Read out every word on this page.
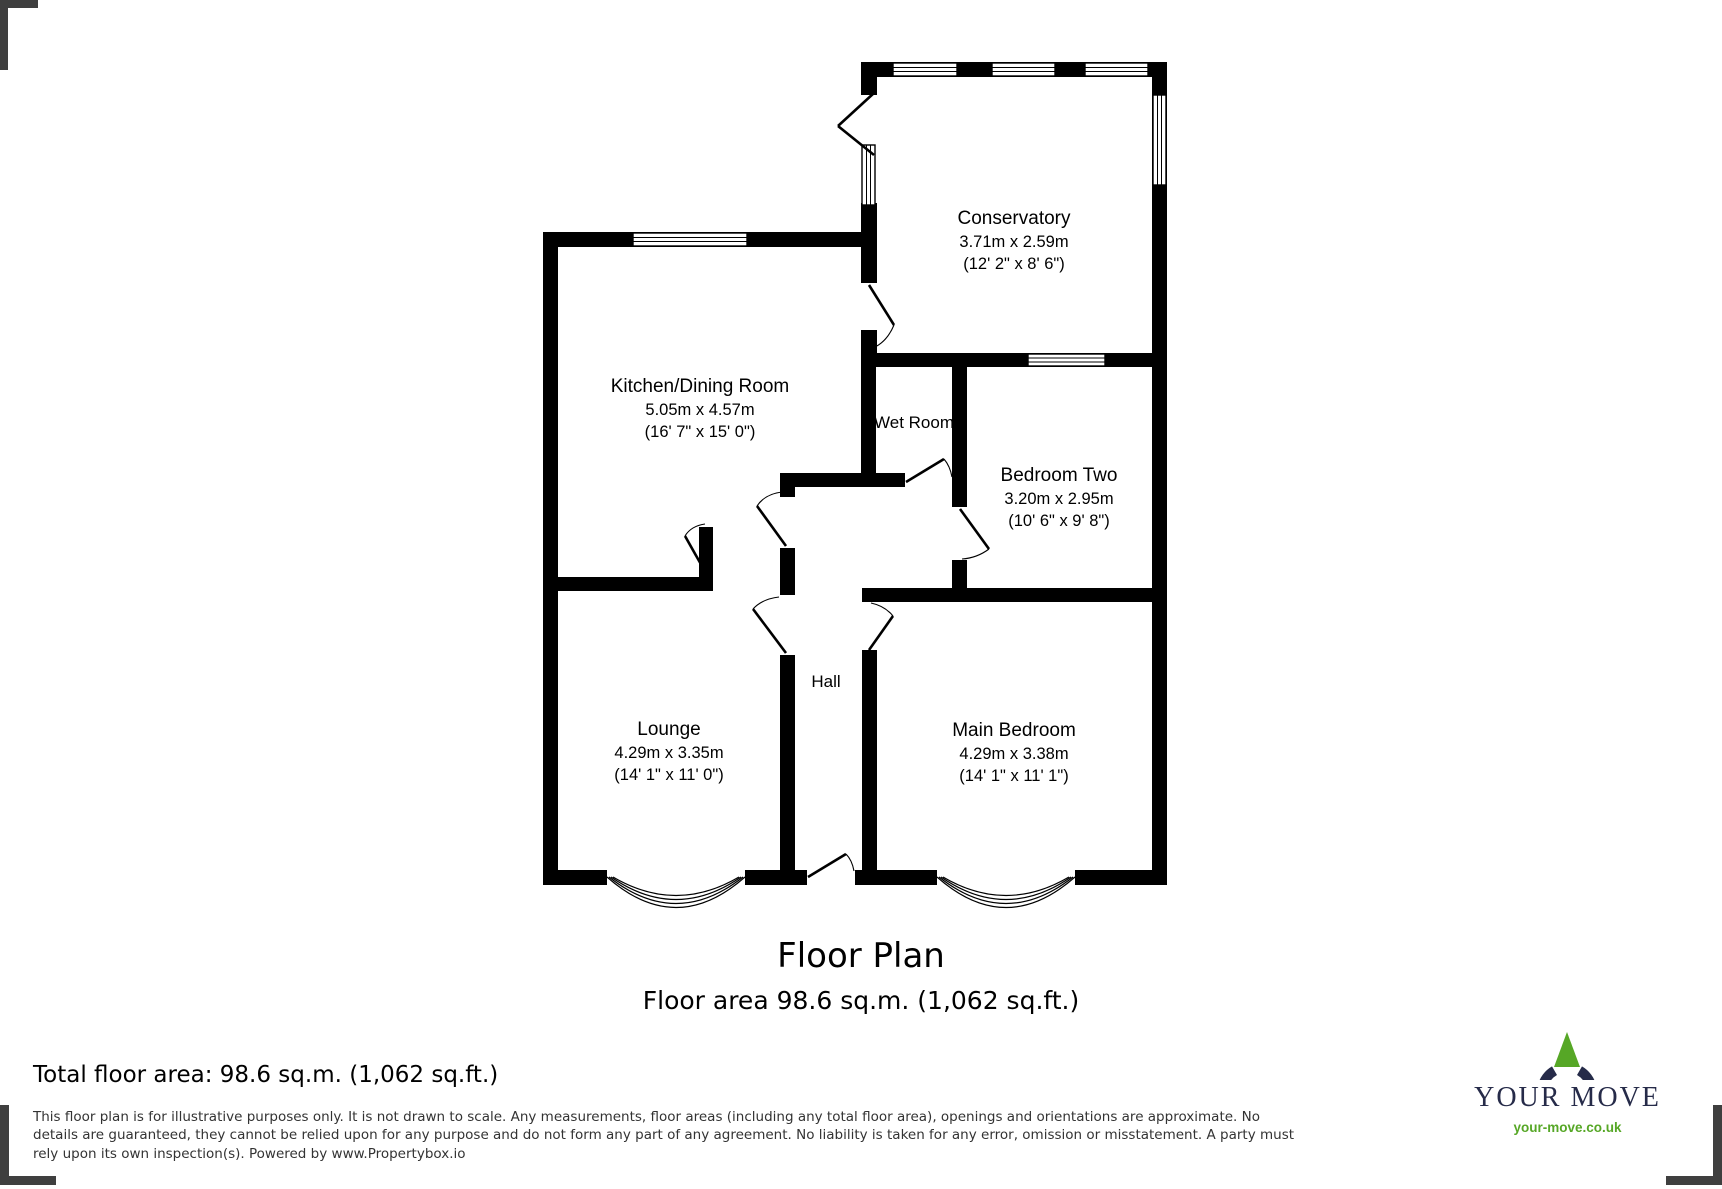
Conservatory
3.71m x 2.59m
(12' 2" x 8' 6")
Kitchen/Dining Room
5.05m x 4.57m
(16' 7" x 15' 0")	Wet Room
Bedroom Two
3.20m x 2.95m
(10' 6" x 9' 8")
Hall
Lounge
4.29m x 3.35m
(14' 1" x 11' 0")
Main Bedroom
4.29m x 3.38m
(14' 1" x 11' 1")
Floor Plan
Floor area 98.6 sq.m. (1,062 sq.ft.)
Total floor area: 98.6 sq.m. (1,062 sq.ft.)
This floor plan is for illustrative purposes only. It is not drawn to scale. Any measurements, floor areas (including any total floor area), openings and orientations are approximate. No details are guaranteed, they cannot be relied upon for any purpose and do not form any part of any agreement. No liability is taken for any error, omission or misstatement. A party must rely upon its own inspection(s). Powered by www.Propertybox.io
YOUR MOVE
your-move.co.uk
